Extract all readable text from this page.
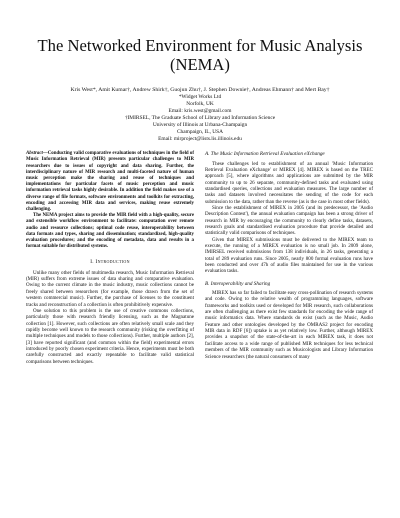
The Networked Environment for Music Analysis (NEMA)
Kris West*, Amit Kumar†, Andrew Shirk†, Guojun Zhu†, J. Stephen Downie†, Andreas Ehmann† and Mert Bay†
*Widget Works Ltd
Norfolk, UK
Email: kris.west@gmail.com
†IMIRSEL, The Graduate School of Library and Information Science
University of Illinois at Urbana-Champaign
Champaign, IL, USA
Email: mirproject@lists.lis.illinois.edu

Abstract—Conducting valid comparative evaluations of techniques in the field of Music Information Retrieval (MIR) presents particular challenges to MIR researchers due to issues of copyright and data sharing. Further, the interdisciplinary nature of MIR research and multi-faceted nature of human music perception make the sharing and reuse of techniques and implementations for particular facets of music perception and music information retrieval tasks highly desirable. In addition the field makes use of a diverse range of file formats, software environments and toolkits for extracting, encoding and accessing MIR data and services, making reuse extremely challenging.

The NEMA project aims to provide the MIR field with a high-quality, secure and extensible workflow environment to facilitate: computation over remote audio and resource collections; optimal code reuse, interoperability between data formats and types, sharing and dissemination; standardized, high-quality evaluation procedures; and the encoding of metadata, data and results in a format suitable for distributed systems.

I. Introduction

Unlike many other fields of multimedia research, Music Information Retrieval (MIR) suffers from extreme issues of data sharing and comparative evaluation. Owing to the current climate in the music industry, music collections cannot be freely shared between researchers (for example, those drawn from the set of western commercial music). Further, the purchase of licenses to the constituent tracks and reconstruction of a collection is often prohibitively expensive.

One solution to this problem is the use of creative commons collections, particularly those with research friendly licensing, such as the Magnatune collection [1]. However, such collections are often relatively small scale and they rapidly become well known to the research community (risking the overfitting of multiple techniques and models to those collections). Further, multiple authors [2], [3] have reported significant (and common within the field) experimental errors introduced by poorly chosen experiment criteria. Hence, experiments must be both carefully constructed and exactly repeatable to facilitate valid statistical comparisons between techniques.

A. The Music Information Retrieval Evaluation eXchange

These challenges led to establishment of an annual 'Music Information Retrieval Evaluation eXchange' or MIREX [4]. MIREX is based on the TREC approach [5], where algorithms and applications are submitted by the MIR community to up to 26 separate, community-defined tasks and evaluated using standardised queries, collections and evaluation measures. The large number of tasks and datasets involved necessitates the sending of the code for each submission to the data, rather than the reverse (as is the case in most other fields).

Since the establishment of MIREX in 2005 (and its predecessor, the 'Audio Description Contest'), the annual evaluation campaign has been a strong driver of research in MIR by encouraging the community to clearly define tasks, datasets, research goals and standardised evaluation procedure that provide detailed and statistically valid comparisons of techniques.

Given that MIREX submissions must be delivered to the MIREX team to execute, the running of a MIREX evaluation is no small job. In 2009 alone, IMIRSEL received submissions from 138 individuals, in 26 tasks, generating a total of 289 evaluation runs. Since 2005, nearly 800 formal evaluation runs have been conducted and over 47h of audio files maintained for use in the various evaluation tasks.

B. Interoperability and Sharing

MIREX has so far failed to facilitate easy cross-pollination of research systems and code. Owing to the relative wealth of programming languages, software frameworks and toolkits used or developed for MIR research, such collaborations are often challenging as there exist few standards for encoding the wide range of music informatics data. Where standards do exist (such as the Music, Audio Feature and other ontologies developed by the OMRAS2 project for encoding MIR data in RDF [6]) uptake is as yet relatively low. Further, although MIREX provides a snapshot of the state-of-the-art in each MIREX task, it does not facilitate access to a wide range of published MIR techniques for less technical members of the MIR community such as Musicologists and Library Information Science researchers (the natural consumers of many
